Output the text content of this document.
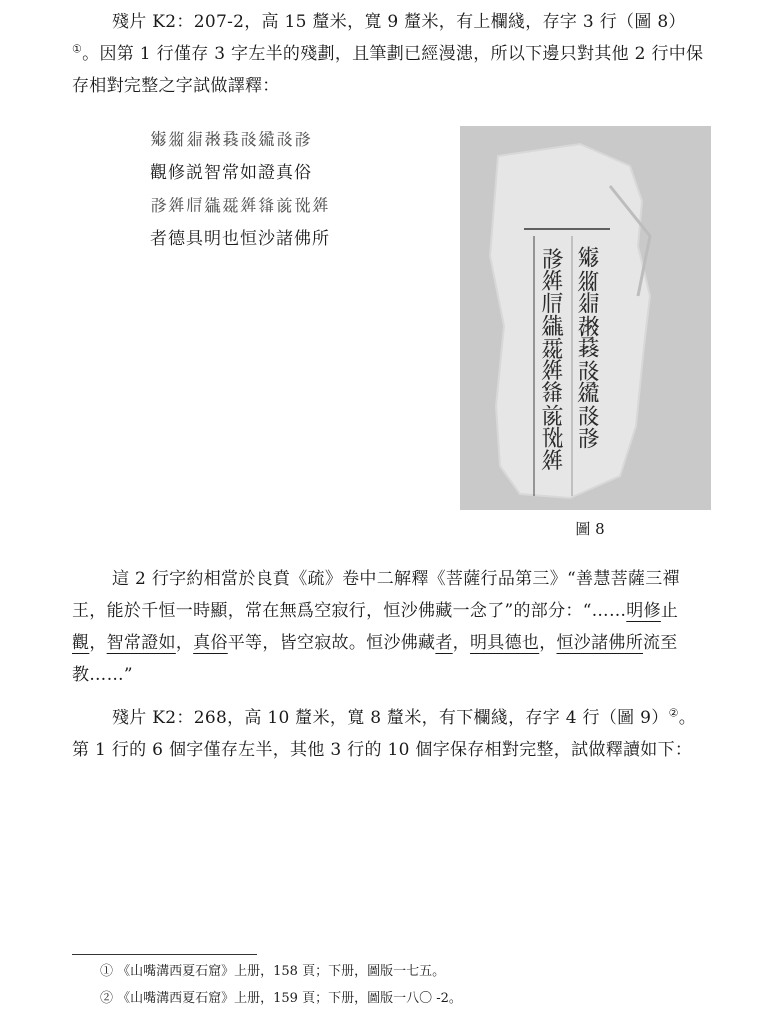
殘片 K2：207-2，高 15 釐米，寬 9 釐米，有上欄綫，存字 3 行（圖 8）①。因第 1 行僅存 3 字左半的殘劃，且筆劃已經漫漶，所以下邊只對其他 2 行中保存相對完整之字試做譯釋：
𗊫𗼕𗤋𗖦𗱢𗰗𗫔𗰗𗰔
觀修説智常如證真俗
𗰔𗤶𗄭𗪘𗴺𗤶𗌭𗐯𗌽𗤶
者德具明也恒沙諸佛所
𗊫𗼕𗤋𗖦𗱢𗰗𗫔𗰗𗰔
𗰔𗤶𗄭𗪘𗴺𗤶𗌭𗐯𗌽𗤶
圖 8
這 2 行字約相當於良賁《疏》卷中二解釋《菩薩行品第三》“善慧菩薩三禪王，能於千恒一時顯，常在無爲空寂行，恒沙佛藏一念了”的部分：“……明修止觀，智常證如，真俗平等，皆空寂故。恒沙佛藏者，明具德也，恒沙諸佛所流至教……”
殘片 K2：268，高 10 釐米，寬 8 釐米，有下欄綫，存字 4 行（圖 9）②。第 1 行的 6 個字僅存左半，其他 3 行的 10 個字保存相對完整，試做釋讀如下：
① 《山嘴溝西夏石窟》上册，158 頁；下册，圖版一七五。
② 《山嘴溝西夏石窟》上册，159 頁；下册，圖版一八〇 -2。
